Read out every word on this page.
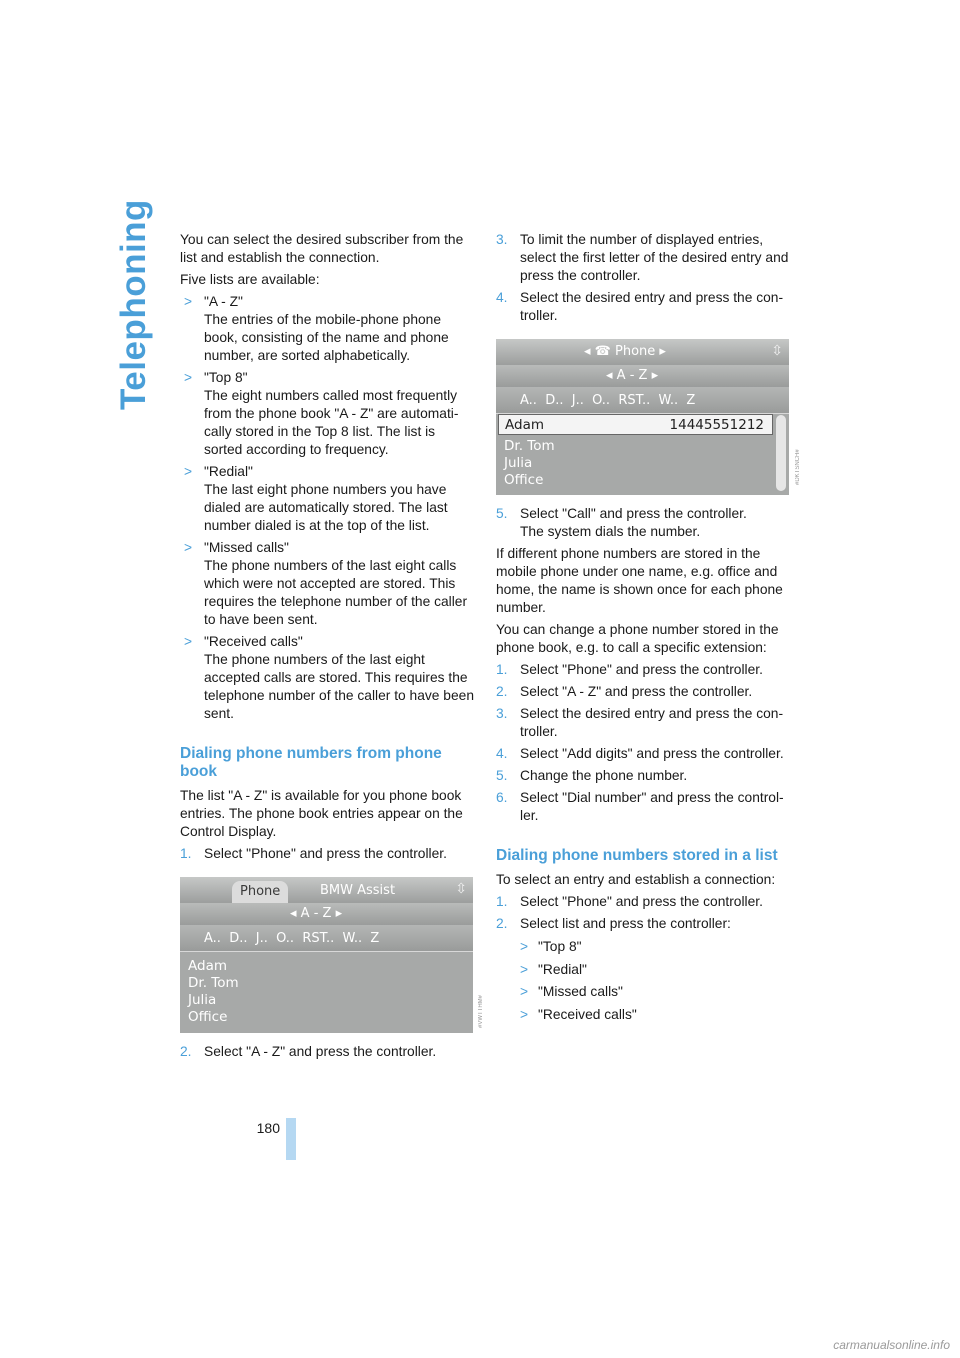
Telephoning You can select the desired subscriber from the list and establish the connection.

Five lists are available:

> "A - Z"
The entries of the mobile-phone phone book, consisting of the name and phone number, are sorted alphabetically.
> "Top 8"
The eight numbers called most frequently from the phone book "A - Z" are automati-cally stored in the Top 8 list. The list is sorted according to frequency.
> "Redial"
The last eight phone numbers you have dialed are automatically stored. The last number dialed is at the top of the list.
> "Missed calls"
The phone numbers of the last eight calls which were not accepted are stored. This requires the telephone number of the caller to have been sent.
> "Received calls"
The phone numbers of the last eight accepted calls are stored. This requires the telephone number of the caller to have been sent.
Dialing phone numbers from phone book

The list "A - Z" is available for you phone book entries. The phone book entries appear on the Control Display.

1. Select "Phone" and press the controller.
Phone	BMW Assist	⇳
◂ A - Z ▸
A..  D..  J..  O..  RST..  W..  Z
Adam
Dr. Tom
Julia
Office
2. Select "A - Z" and press the controller.
#VWTTHM#
3. To limit the number of displayed entries, select the first letter of the desired entry and press the controller.
4. Select the desired entry and press the con-troller.
◂ ☎ Phone ▸	⇳
◂ A - Z ▸
A..  D..  J..  O..  RST..  W..  Z
Adam	14445551212
Dr. Tom
Julia
Office
5. Select "Call" and press the controller.
The system dials the number.

If different phone numbers are stored in the mobile phone under one name, e.g. office and home, the name is shown once for each phone number.

You can change a phone number stored in the phone book, e.g. to call a specific extension:

1. Select "Phone" and press the controller.
2. Select "A - Z" and press the controller.
3. Select the desired entry and press the con-troller.
4. Select "Add digits" and press the controller.
5. Change the phone number.
6. Select "Dial number" and press the control-ler.
Dialing phone numbers stored in a list

To select an entry and establish a connection:

1. Select "Phone" and press the controller.
2. Select list and press the controller:
> "Top 8"
> "Redial"
> "Missed calls"
> "Received calls"
#DKTSNCH#
180
carmanualsonline.info
